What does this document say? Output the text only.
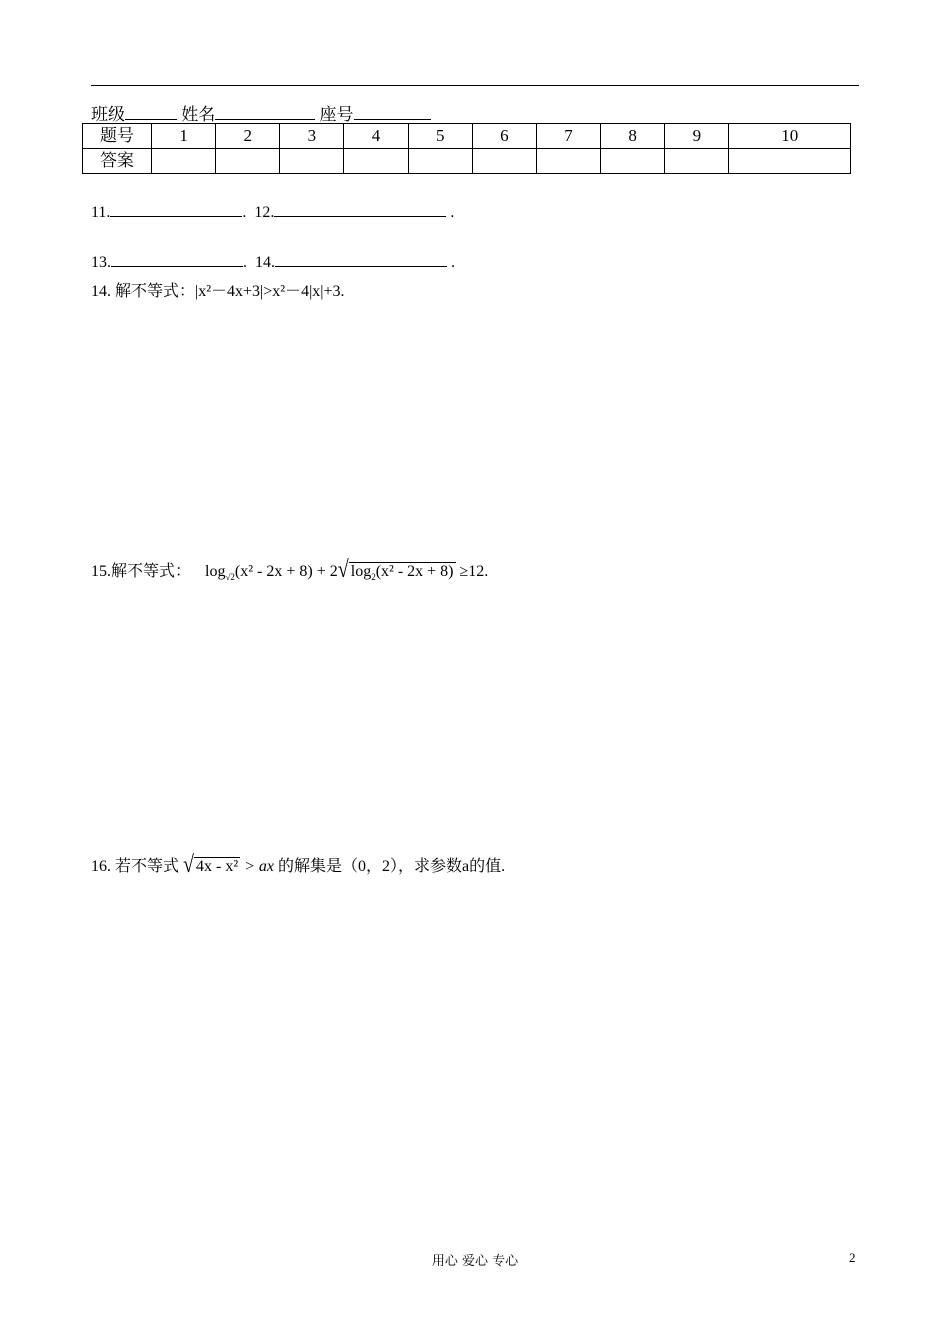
班级	姓名	座号
题号	1	2	3	4	5	6	7	8	9	10
答案										
11.	. 12.	.
13.	. 14.	.
14. 解不等式：|x²－4x+3|>x²－4|x|+3.
15.解不等式： $\log_{√2}(x^2 - 2x + 8) + 2√$ $\log_2(x^2 - 2x + 8) \ge 12$.
16. 若不等式 √ 4x - x² > ax 的解集是（0，2），求参数a的值.
用心 爱心 专心	2
